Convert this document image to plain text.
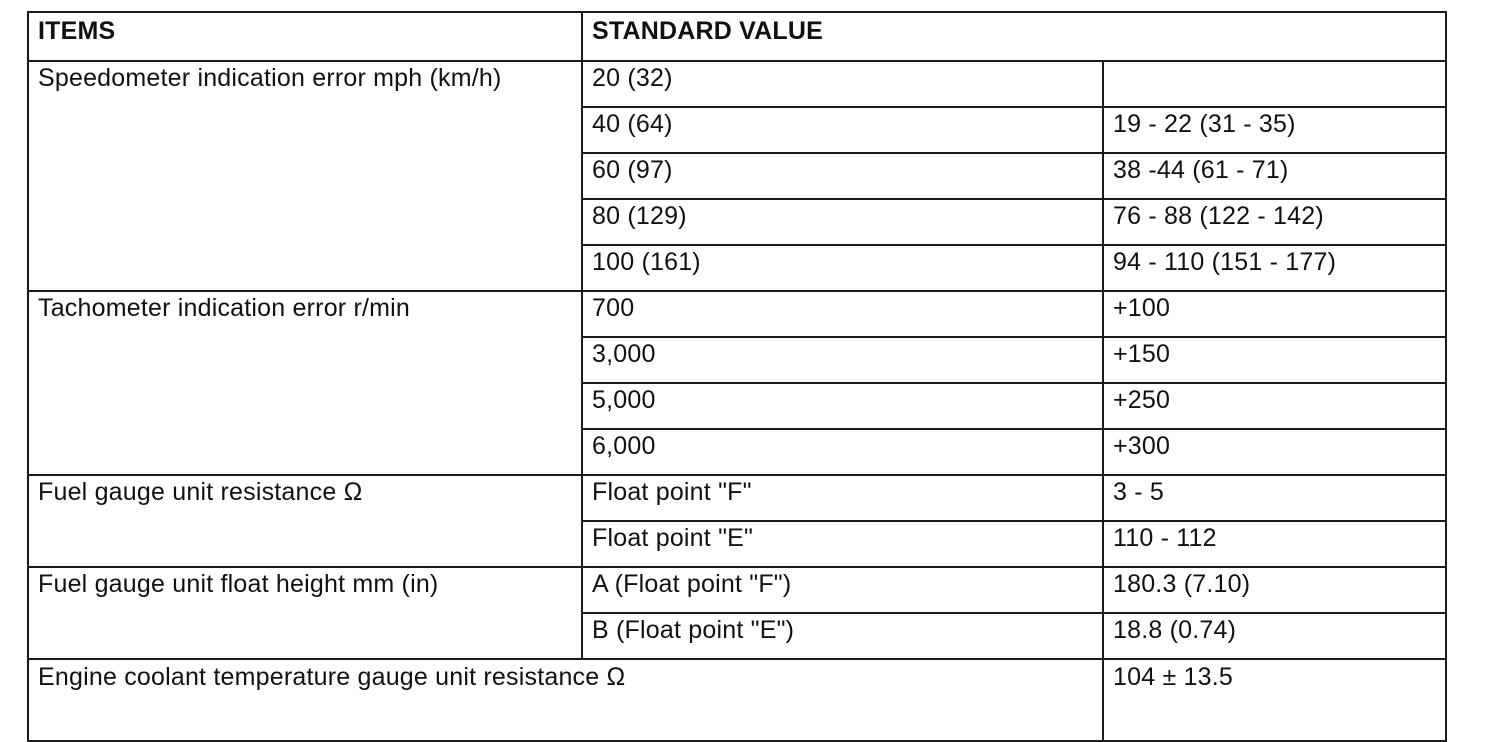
ITEMS	STANDARD VALUE	
Speedometer indication error mph (km/h)	20 (32)	
	40 (64)	19 - 22 (31 - 35)
	60 (97)	38 -44 (61 - 71)
	80 (129)	76 - 88 (122 - 142)
	100 (161)	94 - 110 (151 - 177)
Tachometer indication error r/min	700	+100
	3,000	+150
	5,000	+250
	6,000	+300
Fuel gauge unit resistance Ω	Float point "F"	3 - 5
	Float point "E"	110 - 112
Fuel gauge unit float height mm (in)	A (Float point "F")	180.3 (7.10)
	B (Float point "E")	18.8 (0.74)
Engine coolant temperature gauge unit resistance Ω		104 ± 13.5
